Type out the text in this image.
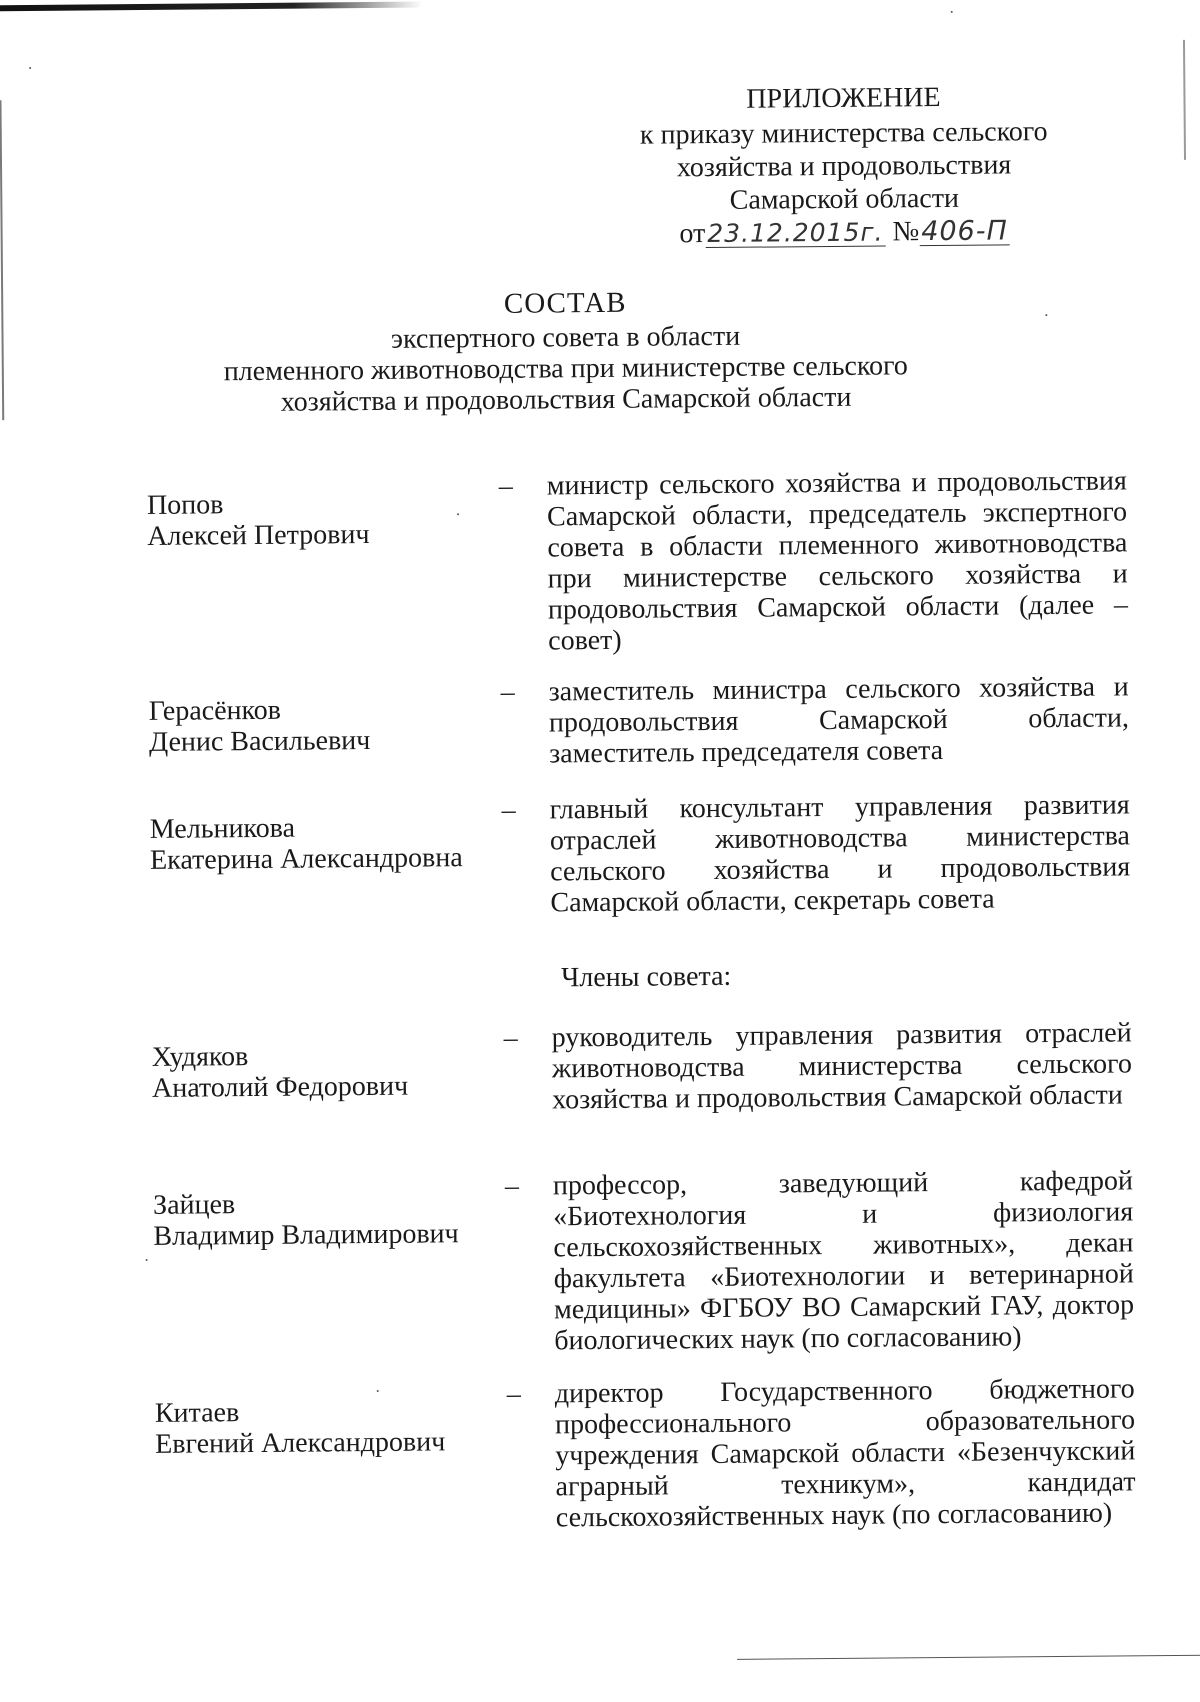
ПРИЛОЖЕНИЕ
к приказу министерства сельского
хозяйства и продовольствия
Самарской области
от23.12.2015г. №406-П
СОСТАВ
экспертного совета в области
племенного животноводства при министерстве сельского
хозяйства и продовольствия Самарской области
Попов
Алексей Петрович
– министр сельского хозяйства и продовольствия Самарской области, председатель экспертного совета в области племенного животноводства при министерстве сельского хозяйства и продовольствия Самарской области (далее – совет)
Герасёнков
Денис Васильевич
– заместитель министра сельского хозяйства и продовольствия Самарской области, заместитель председателя совета
Мельникова
Екатерина Александровна
– главный консультант управления развития отраслей животноводства министерства сельского хозяйства и продовольствия Самарской области, секретарь совета
Члены совета:
Худяков
Анатолий Федорович
– руководитель управления развития отраслей животноводства министерства сельского хозяйства и продовольствия Самарской области
Зайцев
Владимир Владимирович
– профессор, заведующий кафедрой «Биотехнология и физиология сельскохозяйственных животных», декан факультета «Биотехнологии и ветеринарной медицины» ФГБОУ ВО Самарский ГАУ, доктор биологических наук (по согласованию)
Китаев
Евгений Александрович
– директор Государственного бюджетного профессионального образовательного учреждения Самарской области «Безенчукский аграрный техникум», кандидат сельскохозяйственных наук (по согласованию)
